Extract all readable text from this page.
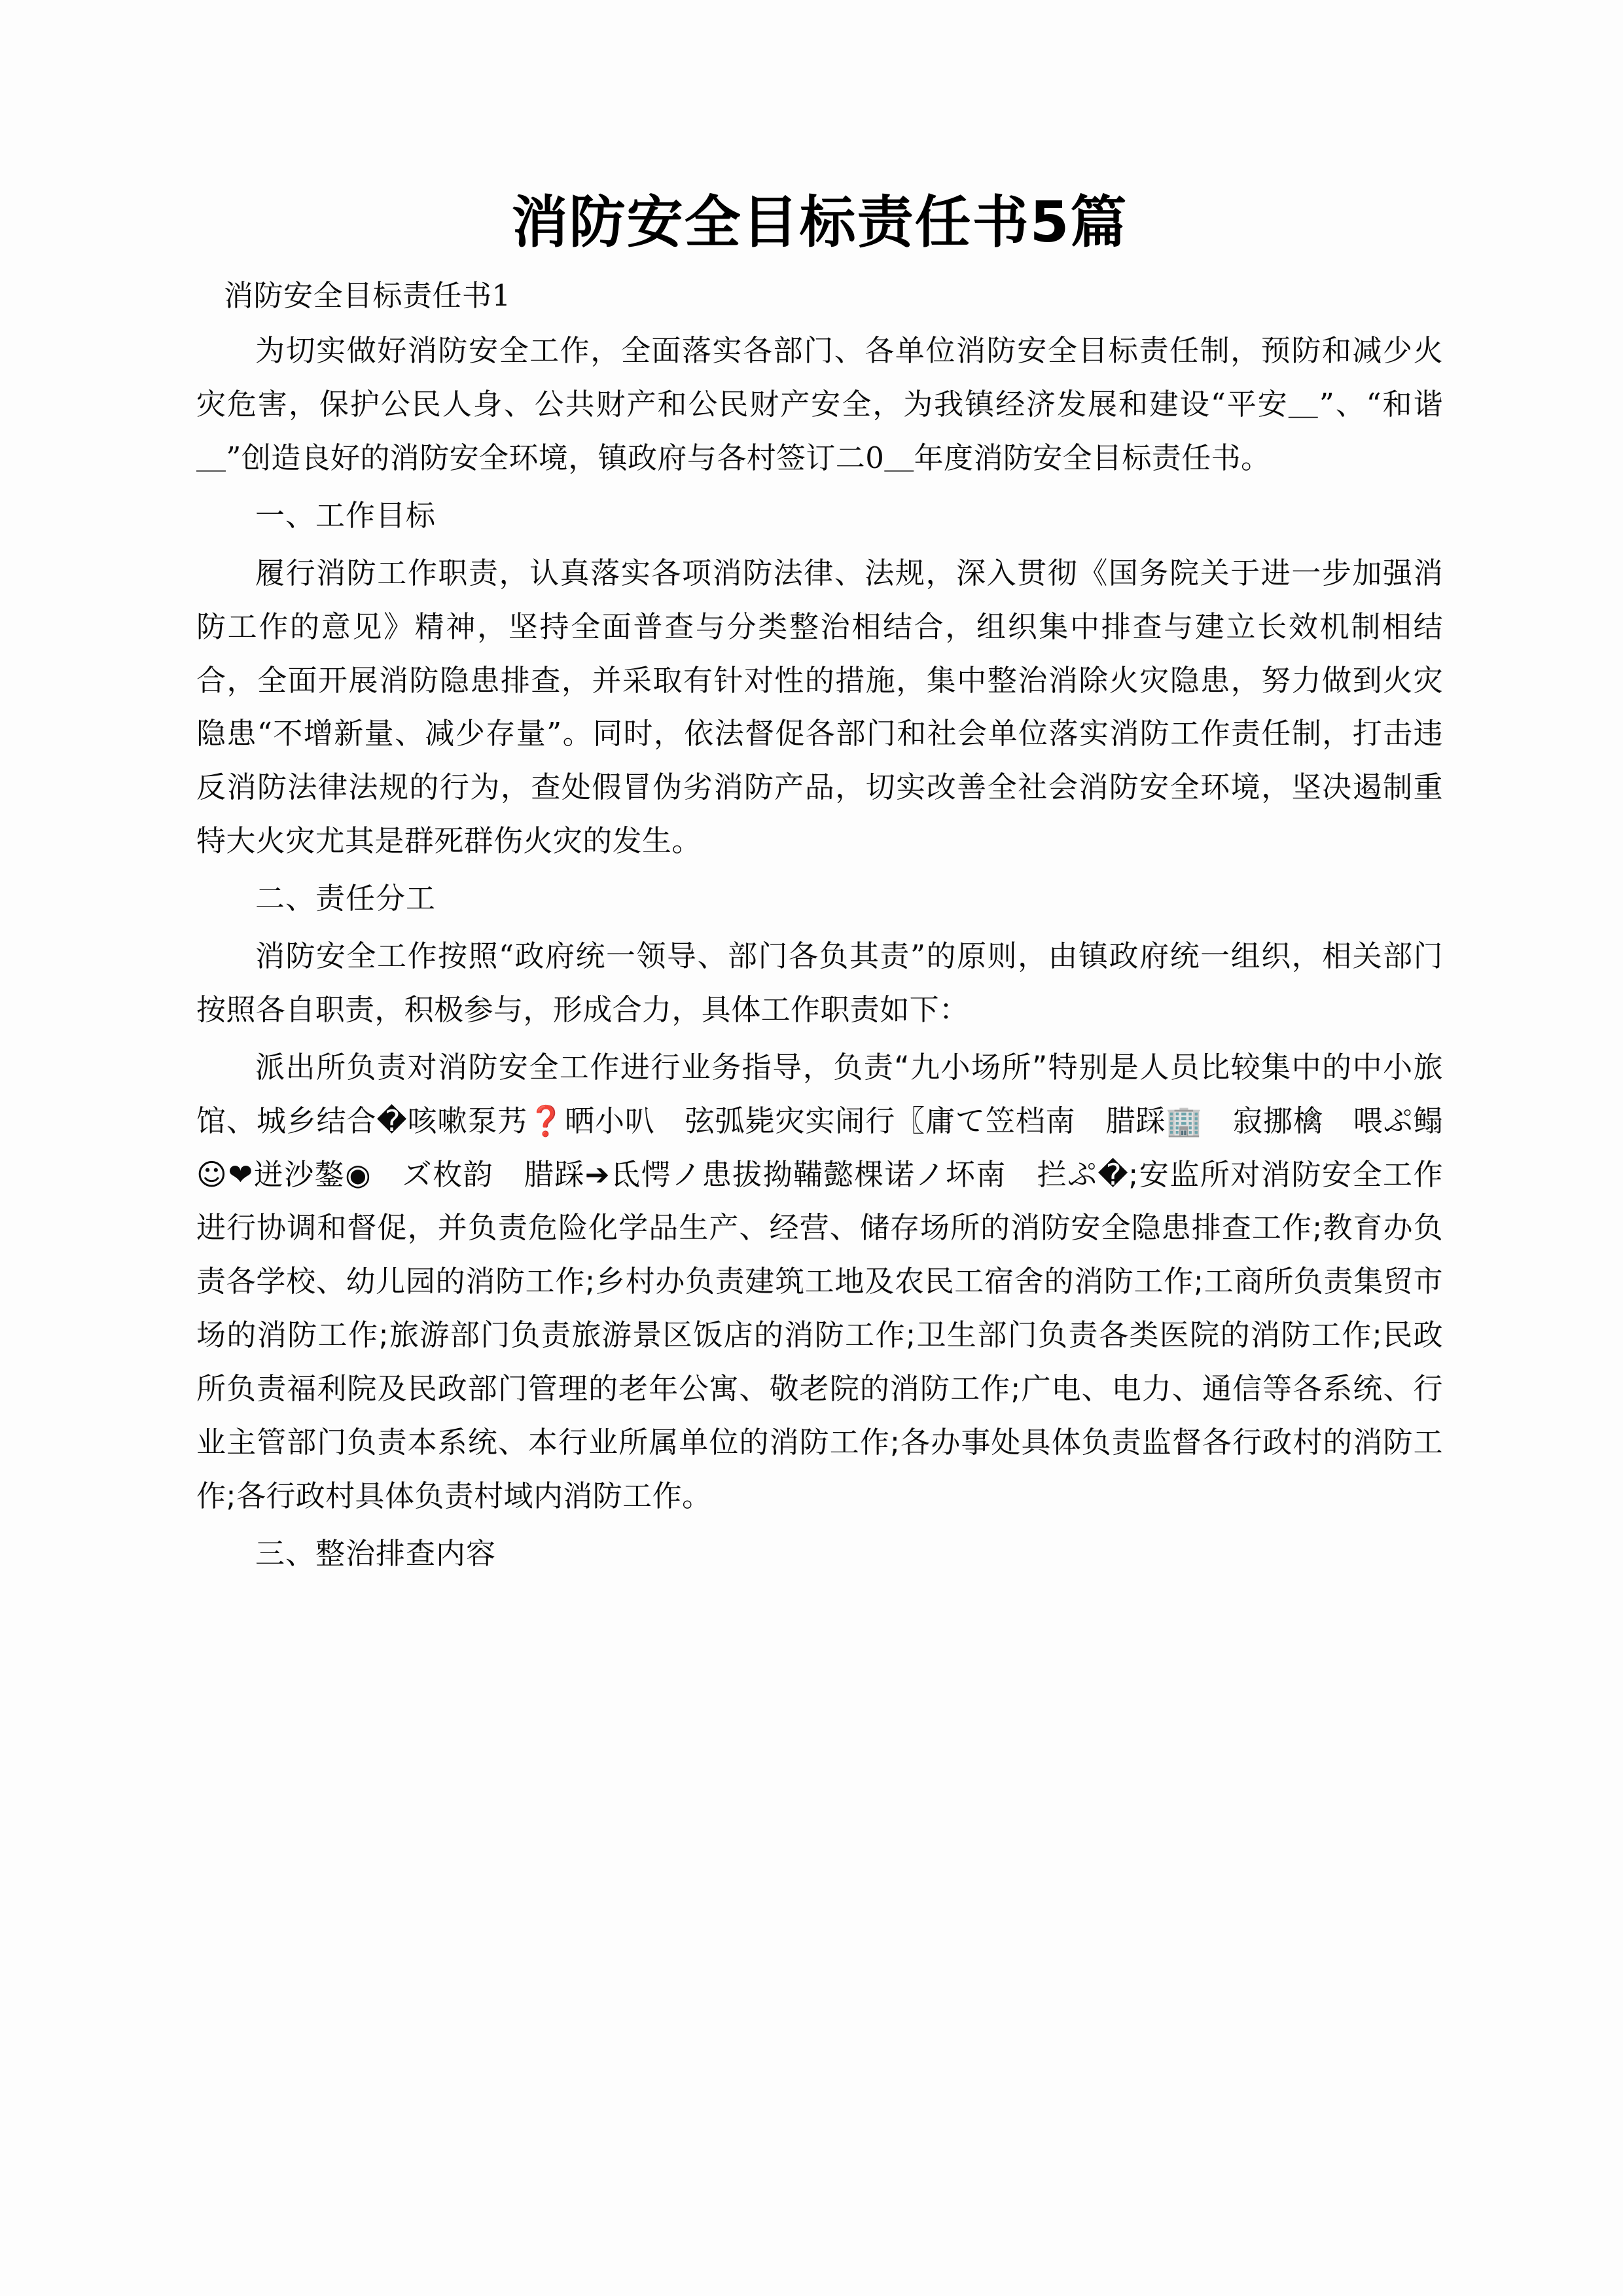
消防安全目标责任书5篇
消防安全目标责任书1

为切实做好消防安全工作，全面落实各部门、各单位消防安全目标责任制，预防和减少火灾危害，保护公民人身、公共财产和公民财产安全，为我镇经济发展和建设“平安＿”、“和谐＿”创造良好的消防安全环境，镇政府与各村签订二0＿年度消防安全目标责任书。

一、工作目标

履行消防工作职责，认真落实各项消防法律、法规，深入贯彻《国务院关于进一步加强消防工作的意见》精神，坚持全面普查与分类整治相结合，组织集中排查与建立长效机制相结合，全面开展消防隐患排查，并采取有针对性的措施，集中整治消除火灾隐患，努力做到火灾隐患“不增新量、减少存量”。同时，依法督促各部门和社会单位落实消防工作责任制，打击违反消防法律法规的行为，查处假冒伪劣消防产品，切实改善全社会消防安全环境，坚决遏制重特大火灾尤其是群死群伤火灾的发生。

二、责任分工

消防安全工作按照“政府统一领导、部门各负其责”的原则，由镇政府统一组织，相关部门按照各自职责，积极参与，形成合力，具体工作职责如下：

派出所负责对消防安全工作进行业务指导，负责“九小场所”特别是人员比较集中的中小旅馆、城乡结合�咳嗽泵艿❓晒小叭　弦弧毙灾实闹行〖庸て笠档南　腊踩🏢　寂挪檎　喂ぷ鳎☺❤迸沙鏊◉　ズ枚韵　腊踩➔氐愕ノ患拔拗鞴懿棵诺ノ坏南　拦ぷ�;安监所对消防安全工作进行协调和督促，并负责危险化学品生产、经营、储存场所的消防安全隐患排查工作;教育办负责各学校、幼儿园的消防工作;乡村办负责建筑工地及农民工宿舍的消防工作;工商所负责集贸市场的消防工作;旅游部门负责旅游景区饭店的消防工作;卫生部门负责各类医院的消防工作;民政所负责福利院及民政部门管理的老年公寓、敬老院的消防工作;广电、电力、通信等各系统、行业主管部门负责本系统、本行业所属单位的消防工作;各办事处具体负责监督各行政村的消防工作;各行政村具体负责村域内消防工作。

三、整治排查内容
